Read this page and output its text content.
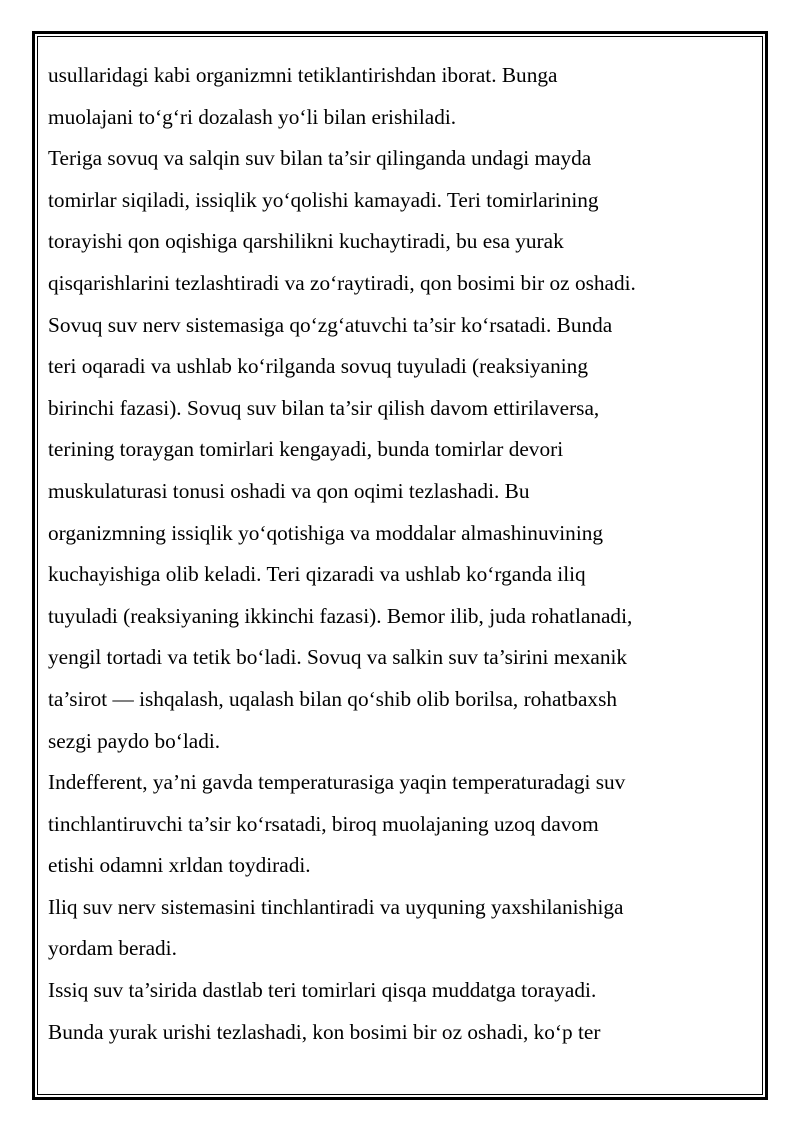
usullaridagi kabi organizmni tetiklantirishdan iborat. Bunga
muolajani to‘g‘ri dozalash yo‘li bilan erishiladi.
Teriga sovuq va salqin suv bilan ta’sir qilinganda undagi mayda
tomirlar siqiladi, issiqlik yo‘qolishi kamayadi. Teri tomirlarining
torayishi qon oqishiga qarshilikni kuchaytiradi, bu esa yurak
qisqarishlarini tezlashtiradi va zo‘raytiradi, qon bosimi bir oz oshadi.
Sovuq suv nerv sistemasiga qo‘zg‘atuvchi ta’sir ko‘rsatadi. Bunda
teri oqaradi va ushlab ko‘rilganda sovuq tuyuladi (reaksiyaning
birinchi fazasi). Sovuq suv bilan ta’sir qilish davom ettirilaversa,
terining toraygan tomirlari kengayadi, bunda tomirlar devori
muskulaturasi tonusi oshadi va qon oqimi tezlashadi. Bu
organizmning issiqlik yo‘qotishiga va moddalar almashinuvining
kuchayishiga olib keladi. Teri qizaradi va ushlab ko‘rganda iliq
tuyuladi (reaksiyaning ikkinchi fazasi). Bemor ilib, juda rohatlanadi,
yengil tortadi va tetik bo‘ladi. Sovuq va salkin suv ta’sirini mexanik
ta’sirot — ishqalash, uqalash bilan qo‘shib olib borilsa, rohatbaxsh
sezgi paydo bo‘ladi.
Indefferent, ya’ni gavda temperaturasiga yaqin temperaturadagi suv
tinchlantiruvchi ta’sir ko‘rsatadi, biroq muolajaning uzoq davom
etishi odamni xrldan toydiradi.
Iliq suv nerv sistemasini tinchlantiradi va uyquning yaxshilanishiga
yordam beradi.
Issiq suv ta’sirida dastlab teri tomirlari qisqa muddatga torayadi.
Bunda yurak urishi tezlashadi, kon bosimi bir oz oshadi, ko‘p ter
